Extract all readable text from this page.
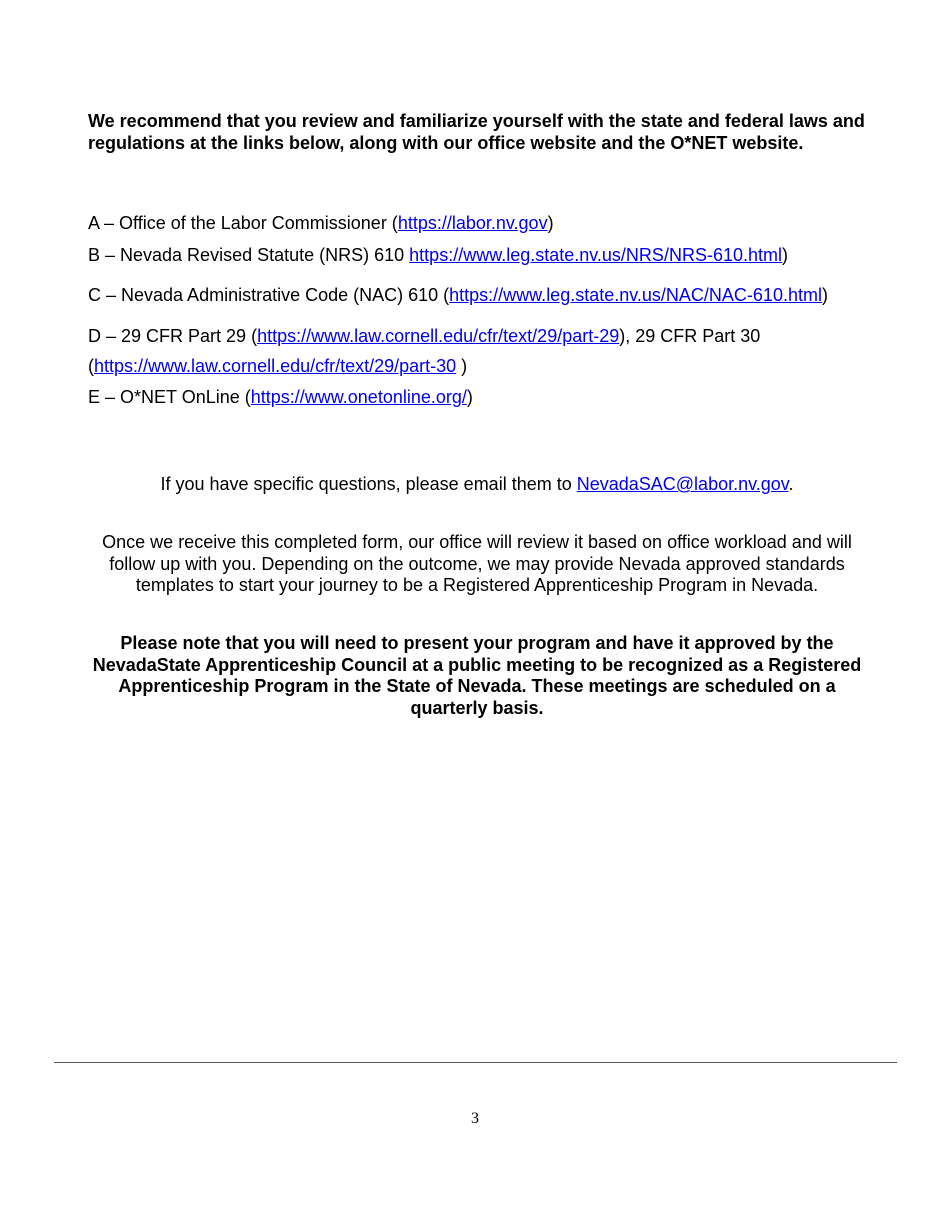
We recommend that you review and familiarize yourself with the state and federal laws and regulations at the links below, along with our office website and the O*NET website.

A – Office of the Labor Commissioner (https://labor.nv.gov)
B – Nevada Revised Statute (NRS) 610 https://www.leg.state.nv.us/NRS/NRS-610.html)
C – Nevada Administrative Code (NAC) 610 (https://www.leg.state.nv.us/NAC/NAC-610.html)
D – 29 CFR Part 29 (https://www.law.cornell.edu/cfr/text/29/part-29), 29 CFR Part 30
(https://www.law.cornell.edu/cfr/text/29/part-30 )
E – O*NET OnLine (https://www.onetonline.org/)

If you have specific questions, please email them to NevadaSAC@labor.nv.gov.

Once we receive this completed form, our office will review it based on office workload and will follow up with you. Depending on the outcome, we may provide Nevada approved standards templates to start your journey to be a Registered Apprenticeship Program in Nevada.

Please note that you will need to present your program and have it approved by the NevadaState Apprenticeship Council at a public meeting to be recognized as a Registered Apprenticeship Program in the State of Nevada. These meetings are scheduled on a quarterly basis.

3
